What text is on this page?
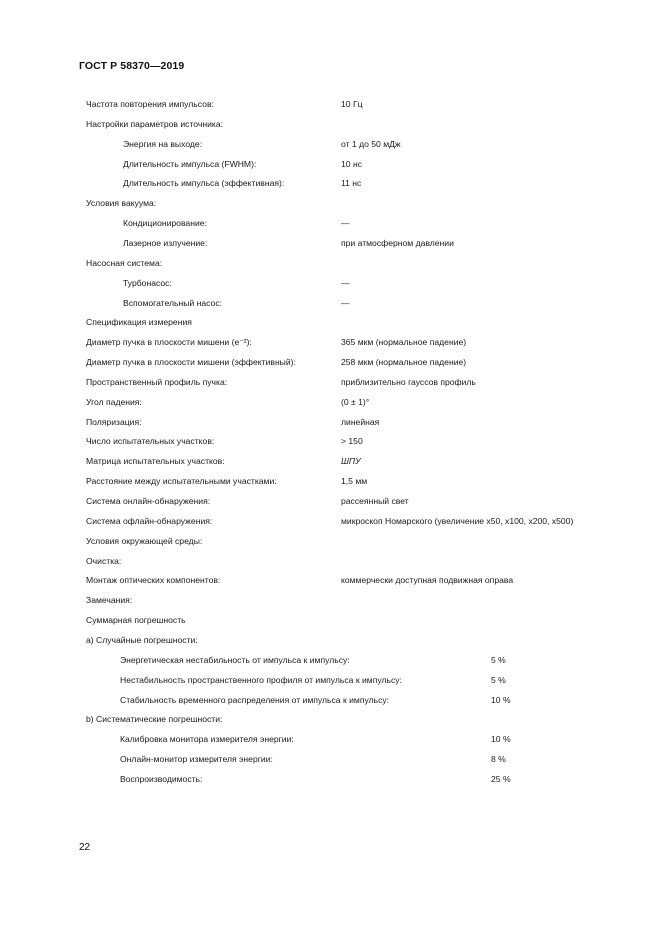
ГОСТ Р 58370—2019
Частота повторения импульсов:	10 Гц
Настройки параметров источника:
Энергия на выходе:	от 1 до 50 мДж
Длительность импульса (FWHM):	10 нс
Длительность импульса (эффективная):	11 нс
Условия вакуума:
Кондиционирование:	—
Лазерное излучение:	при атмосферном давлении
Насосная система:
Турбонасос:	—
Вспомогательный насос:	—
Спецификация измерения
Диаметр пучка в плоскости мишени (e⁻²):	365 мкм (нормальное падение)
Диаметр пучка в плоскости мишени (эффективный):	258 мкм (нормальное падение)
Пространственный профиль пучка:	приблизительно гауссов профиль
Угол падения:	(0 ± 1)°
Поляризация:	линейная
Число испытательных участков:	> 150
Матрица испытательных участков:	ШПУ
Расстояние между испытательными участками:	1,5 мм
Система онлайн-обнаружения:	рассеянный свет
Система офлайн-обнаружения:	микроскоп Номарского (увеличение x50, x100, x200, x500)
Условия окружающей среды:
Очистка:
Монтаж оптических компонентов:	коммерчески доступная подвижная оправа
Замечания:
Суммарная погрешность
a) Случайные погрешности:
Энергетическая нестабильность от импульса к импульсу:	5 %
Нестабильность пространственного профиля от импульса к импульсу:	5 %
Стабильность временного распределения от импульса к импульсу:	10 %
b) Систематические погрешности:
Калибровка монитора измерителя энергии:	10 %
Онлайн-монитор измерителя энергии:	8 %
Воспроизводимость:	25 %
22
